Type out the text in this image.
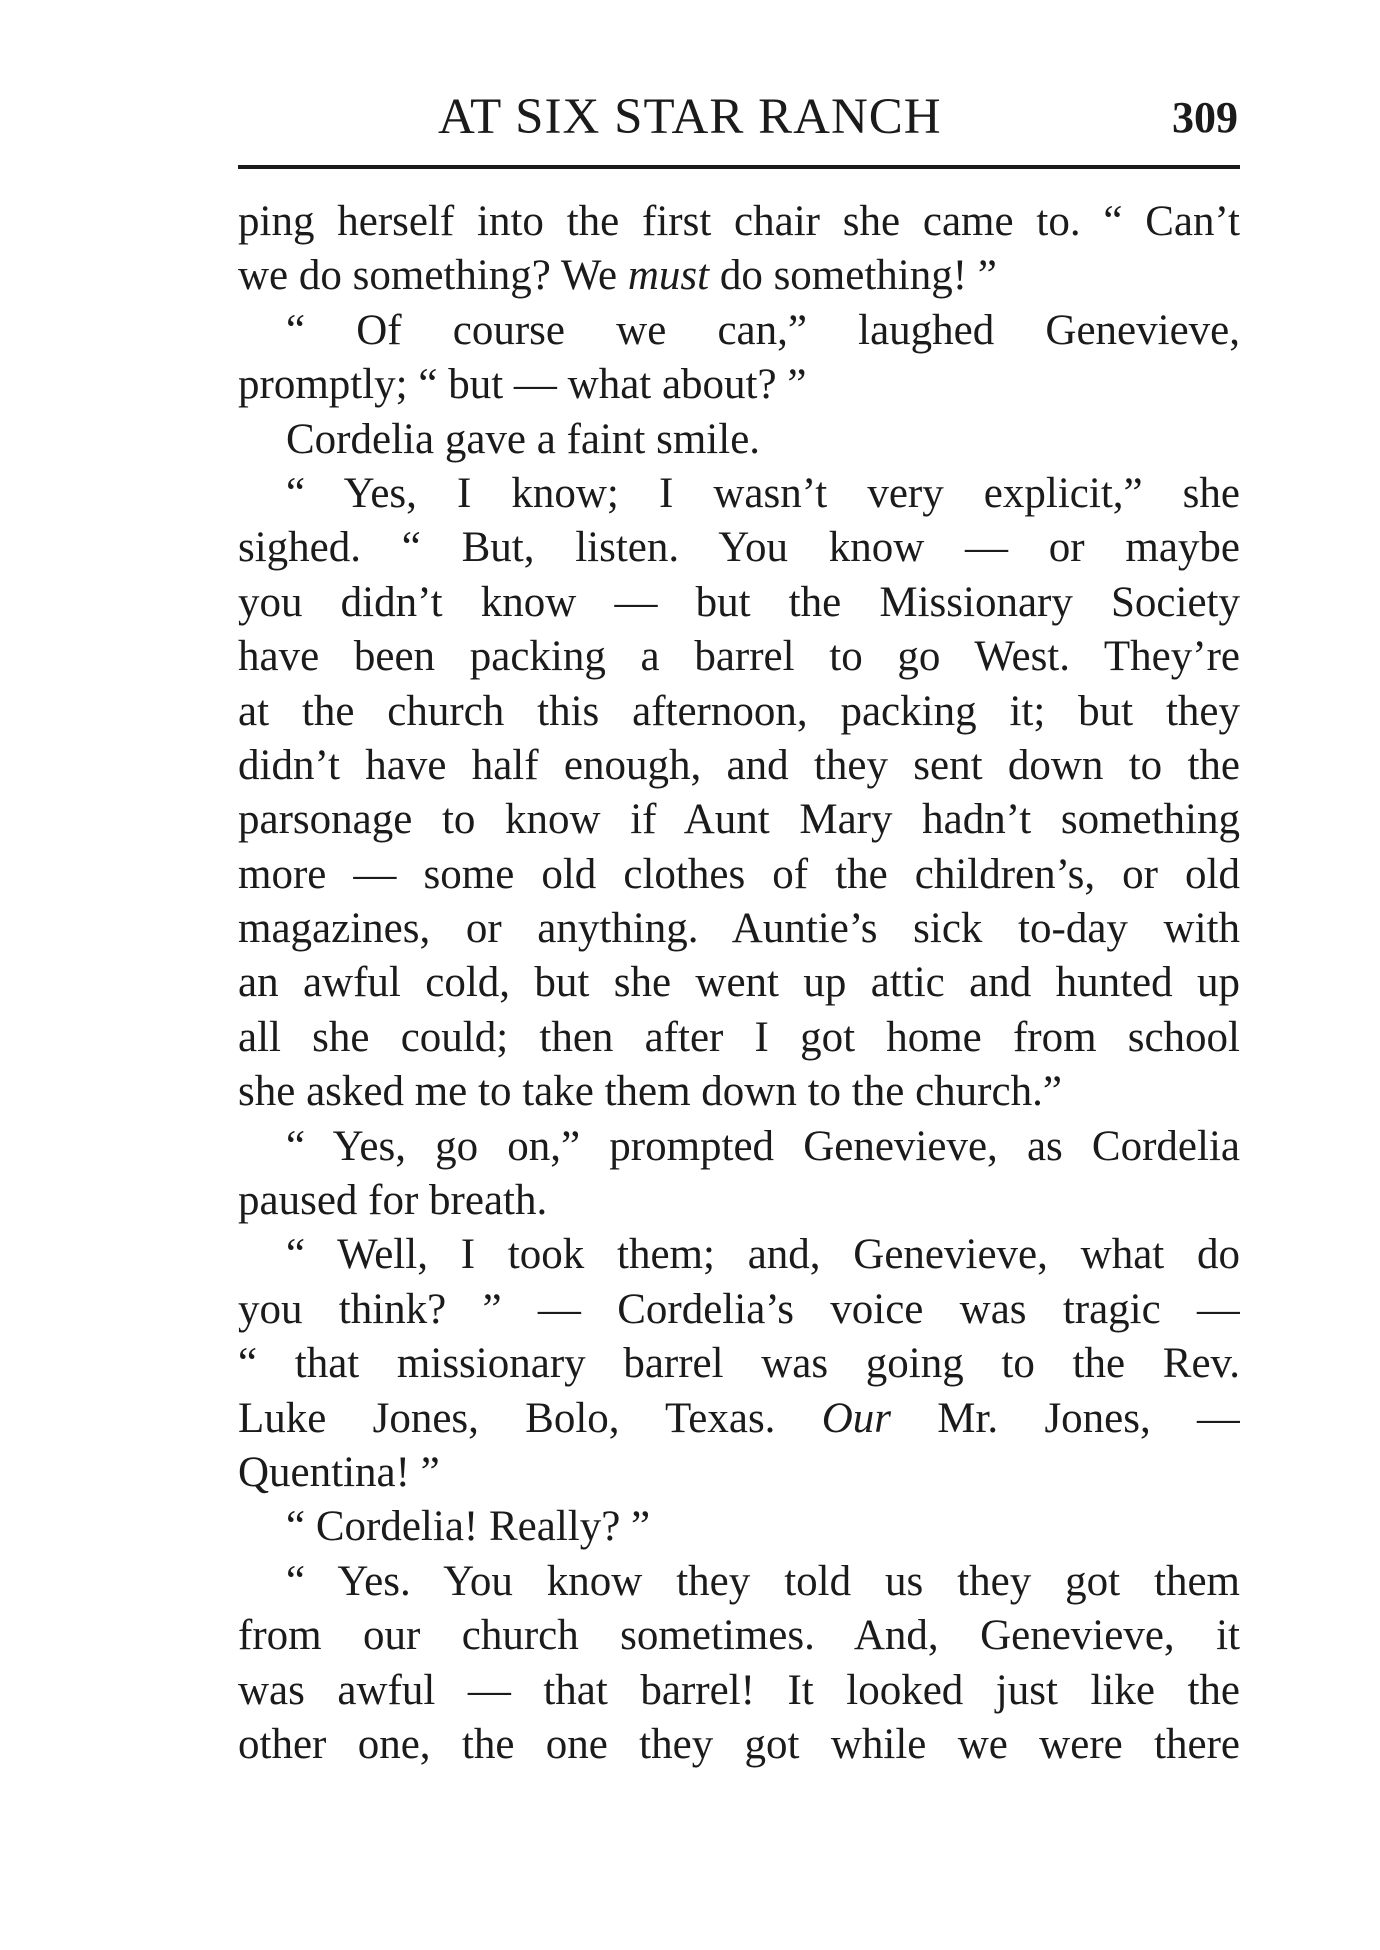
AT SIX STAR RANCH	309
ping herself into the first chair she came to. “ Can’t
we do something? We must do something! ”
“ Of course we can,” laughed Genevieve,
promptly; “ but — what about? ”
Cordelia gave a faint smile.
“ Yes, I know; I wasn’t very explicit,” she
sighed. “ But, listen. You know — or maybe
you didn’t know — but the Missionary Society
have been packing a barrel to go West. They’re
at the church this afternoon, packing it; but they
didn’t have half enough, and they sent down to the
parsonage to know if Aunt Mary hadn’t something
more — some old clothes of the children’s, or old
magazines, or anything. Auntie’s sick to-day with
an awful cold, but she went up attic and hunted up
all she could; then after I got home from school
she asked me to take them down to the church.”
“ Yes, go on,” prompted Genevieve, as Cordelia
paused for breath.
“ Well, I took them; and, Genevieve, what do
you think? ” — Cordelia’s voice was tragic —
“ that missionary barrel was going to the Rev.
Luke Jones, Bolo, Texas. Our Mr. Jones, —
Quentina! ”
“ Cordelia! Really? ”
“ Yes. You know they told us they got them
from our church sometimes. And, Genevieve, it
was awful — that barrel! It looked just like the
other one, the one they got while we were there
